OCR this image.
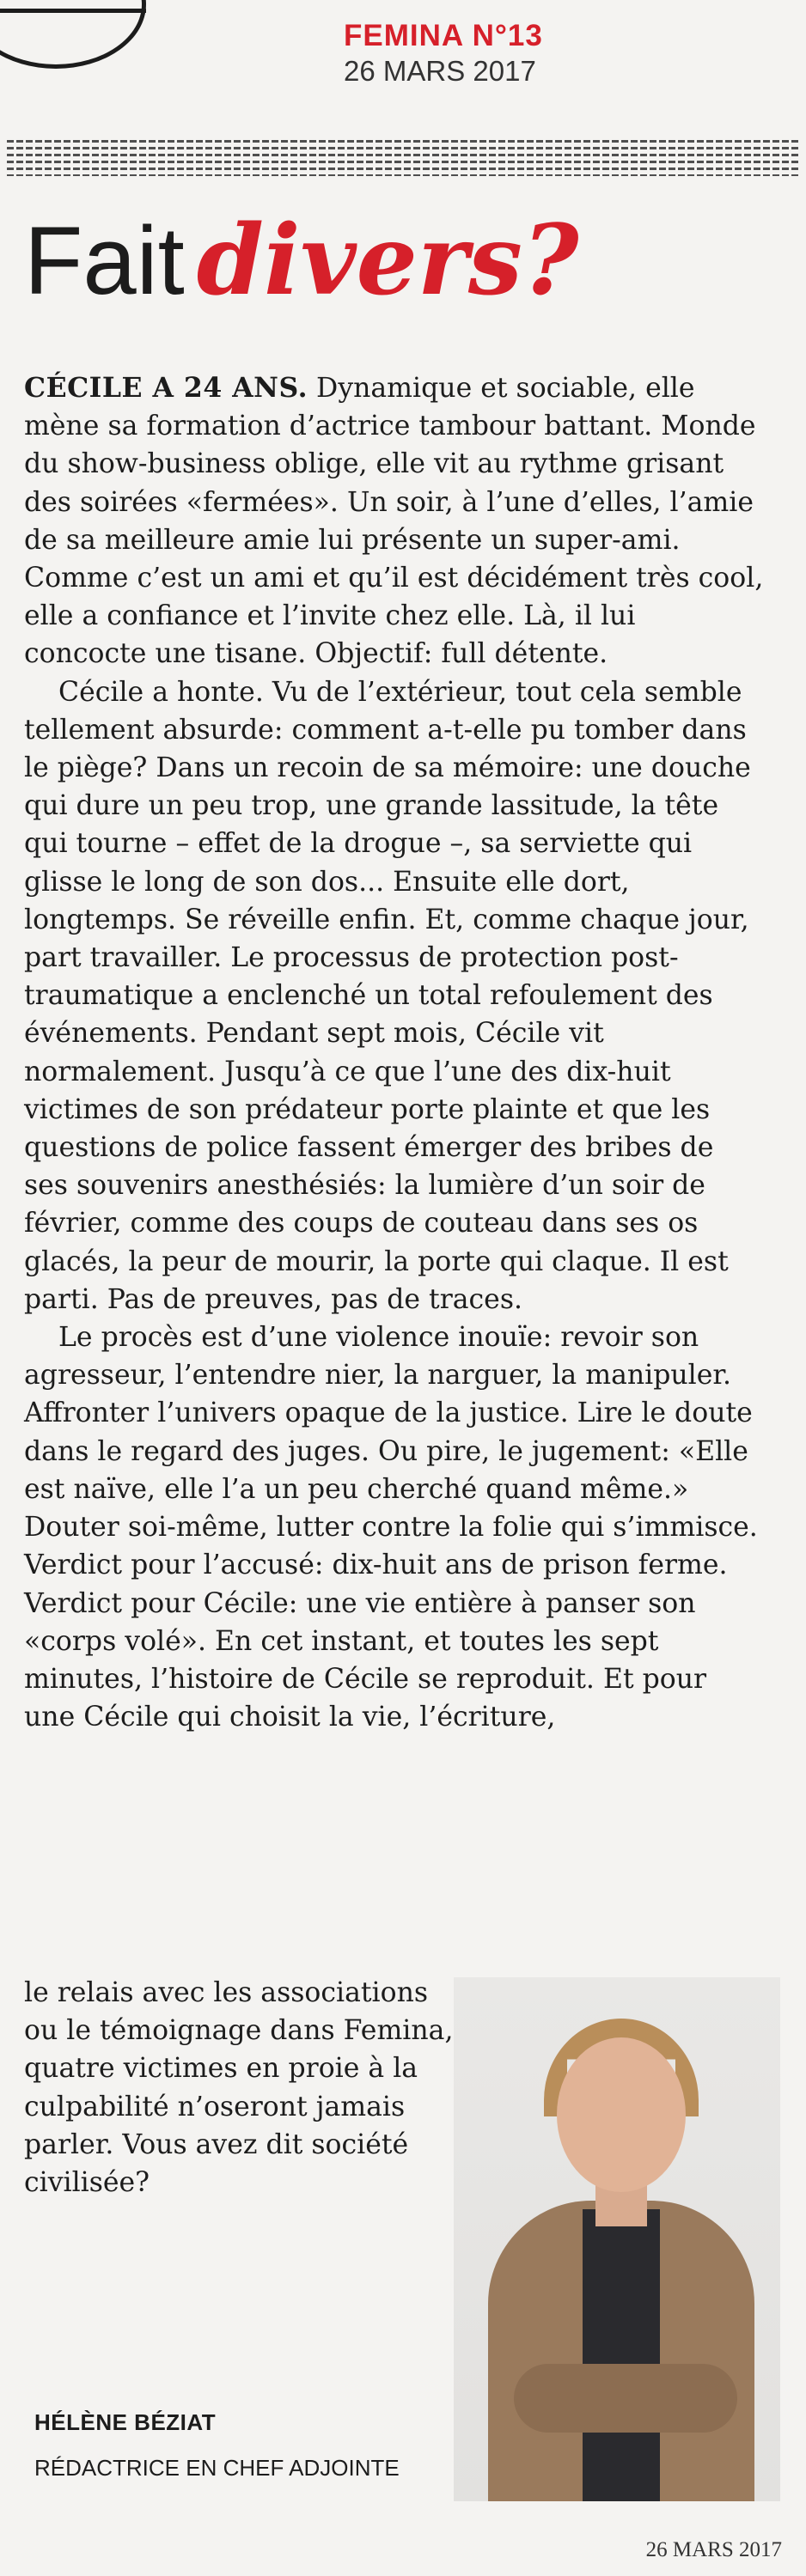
FEMINA N°13
26 MARS 2017
Fait divers?

CÉCILE A 24 ANS. Dynamique et sociable, elle mène sa formation d’actrice tambour battant. Monde du show-business oblige, elle vit au rythme grisant des soirées «fermées». Un soir, à l’une d’elles, l’amie de sa meilleure amie lui présente un super-ami. Comme c’est un ami et qu’il est décidément très cool, elle a confiance et l’invite chez elle. Là, il lui concocte une tisane. Objectif: full détente.

Cécile a honte. Vu de l’extérieur, tout cela semble tellement absurde: comment a-t-elle pu tomber dans le piège? Dans un recoin de sa mémoire: une douche qui dure un peu trop, une grande lassitude, la tête qui tourne – effet de la drogue –, sa serviette qui glisse le long de son dos... Ensuite elle dort, longtemps. Se réveille enfin. Et, comme chaque jour, part travailler. Le processus de protection post-traumatique a enclenché un total refoulement des événements. Pendant sept mois, Cécile vit normalement. Jusqu’à ce que l’une des dix-huit victimes de son prédateur porte plainte et que les questions de police fassent émerger des bribes de ses souvenirs anesthésiés: la lumière d’un soir de février, comme des coups de couteau dans ses os glacés, la peur de mourir, la porte qui claque. Il est parti. Pas de preuves, pas de traces.

Le procès est d’une violence inouïe: revoir son agresseur, l’entendre nier, la narguer, la manipuler. Affronter l’univers opaque de la justice. Lire le doute dans le regard des juges. Ou pire, le jugement: «Elle est naïve, elle l’a un peu cherché quand même.» Douter soi-même, lutter contre la folie qui s’immisce. Verdict pour l’accusé: dix-huit ans de prison ferme. Verdict pour Cécile: une vie entière à panser son «corps volé». En cet instant, et toutes les sept minutes, l’histoire de Cécile se reproduit. Et pour une Cécile qui choisit la vie, l’écriture,

le relais avec les associations ou le témoignage dans Femina, quatre victimes en proie à la culpabilité n’oseront jamais parler. Vous avez dit société civilisée?
HÉLÈNE BÉZIAT
RÉDACTRICE EN CHEF ADJOINTE
26 MARS 2017
